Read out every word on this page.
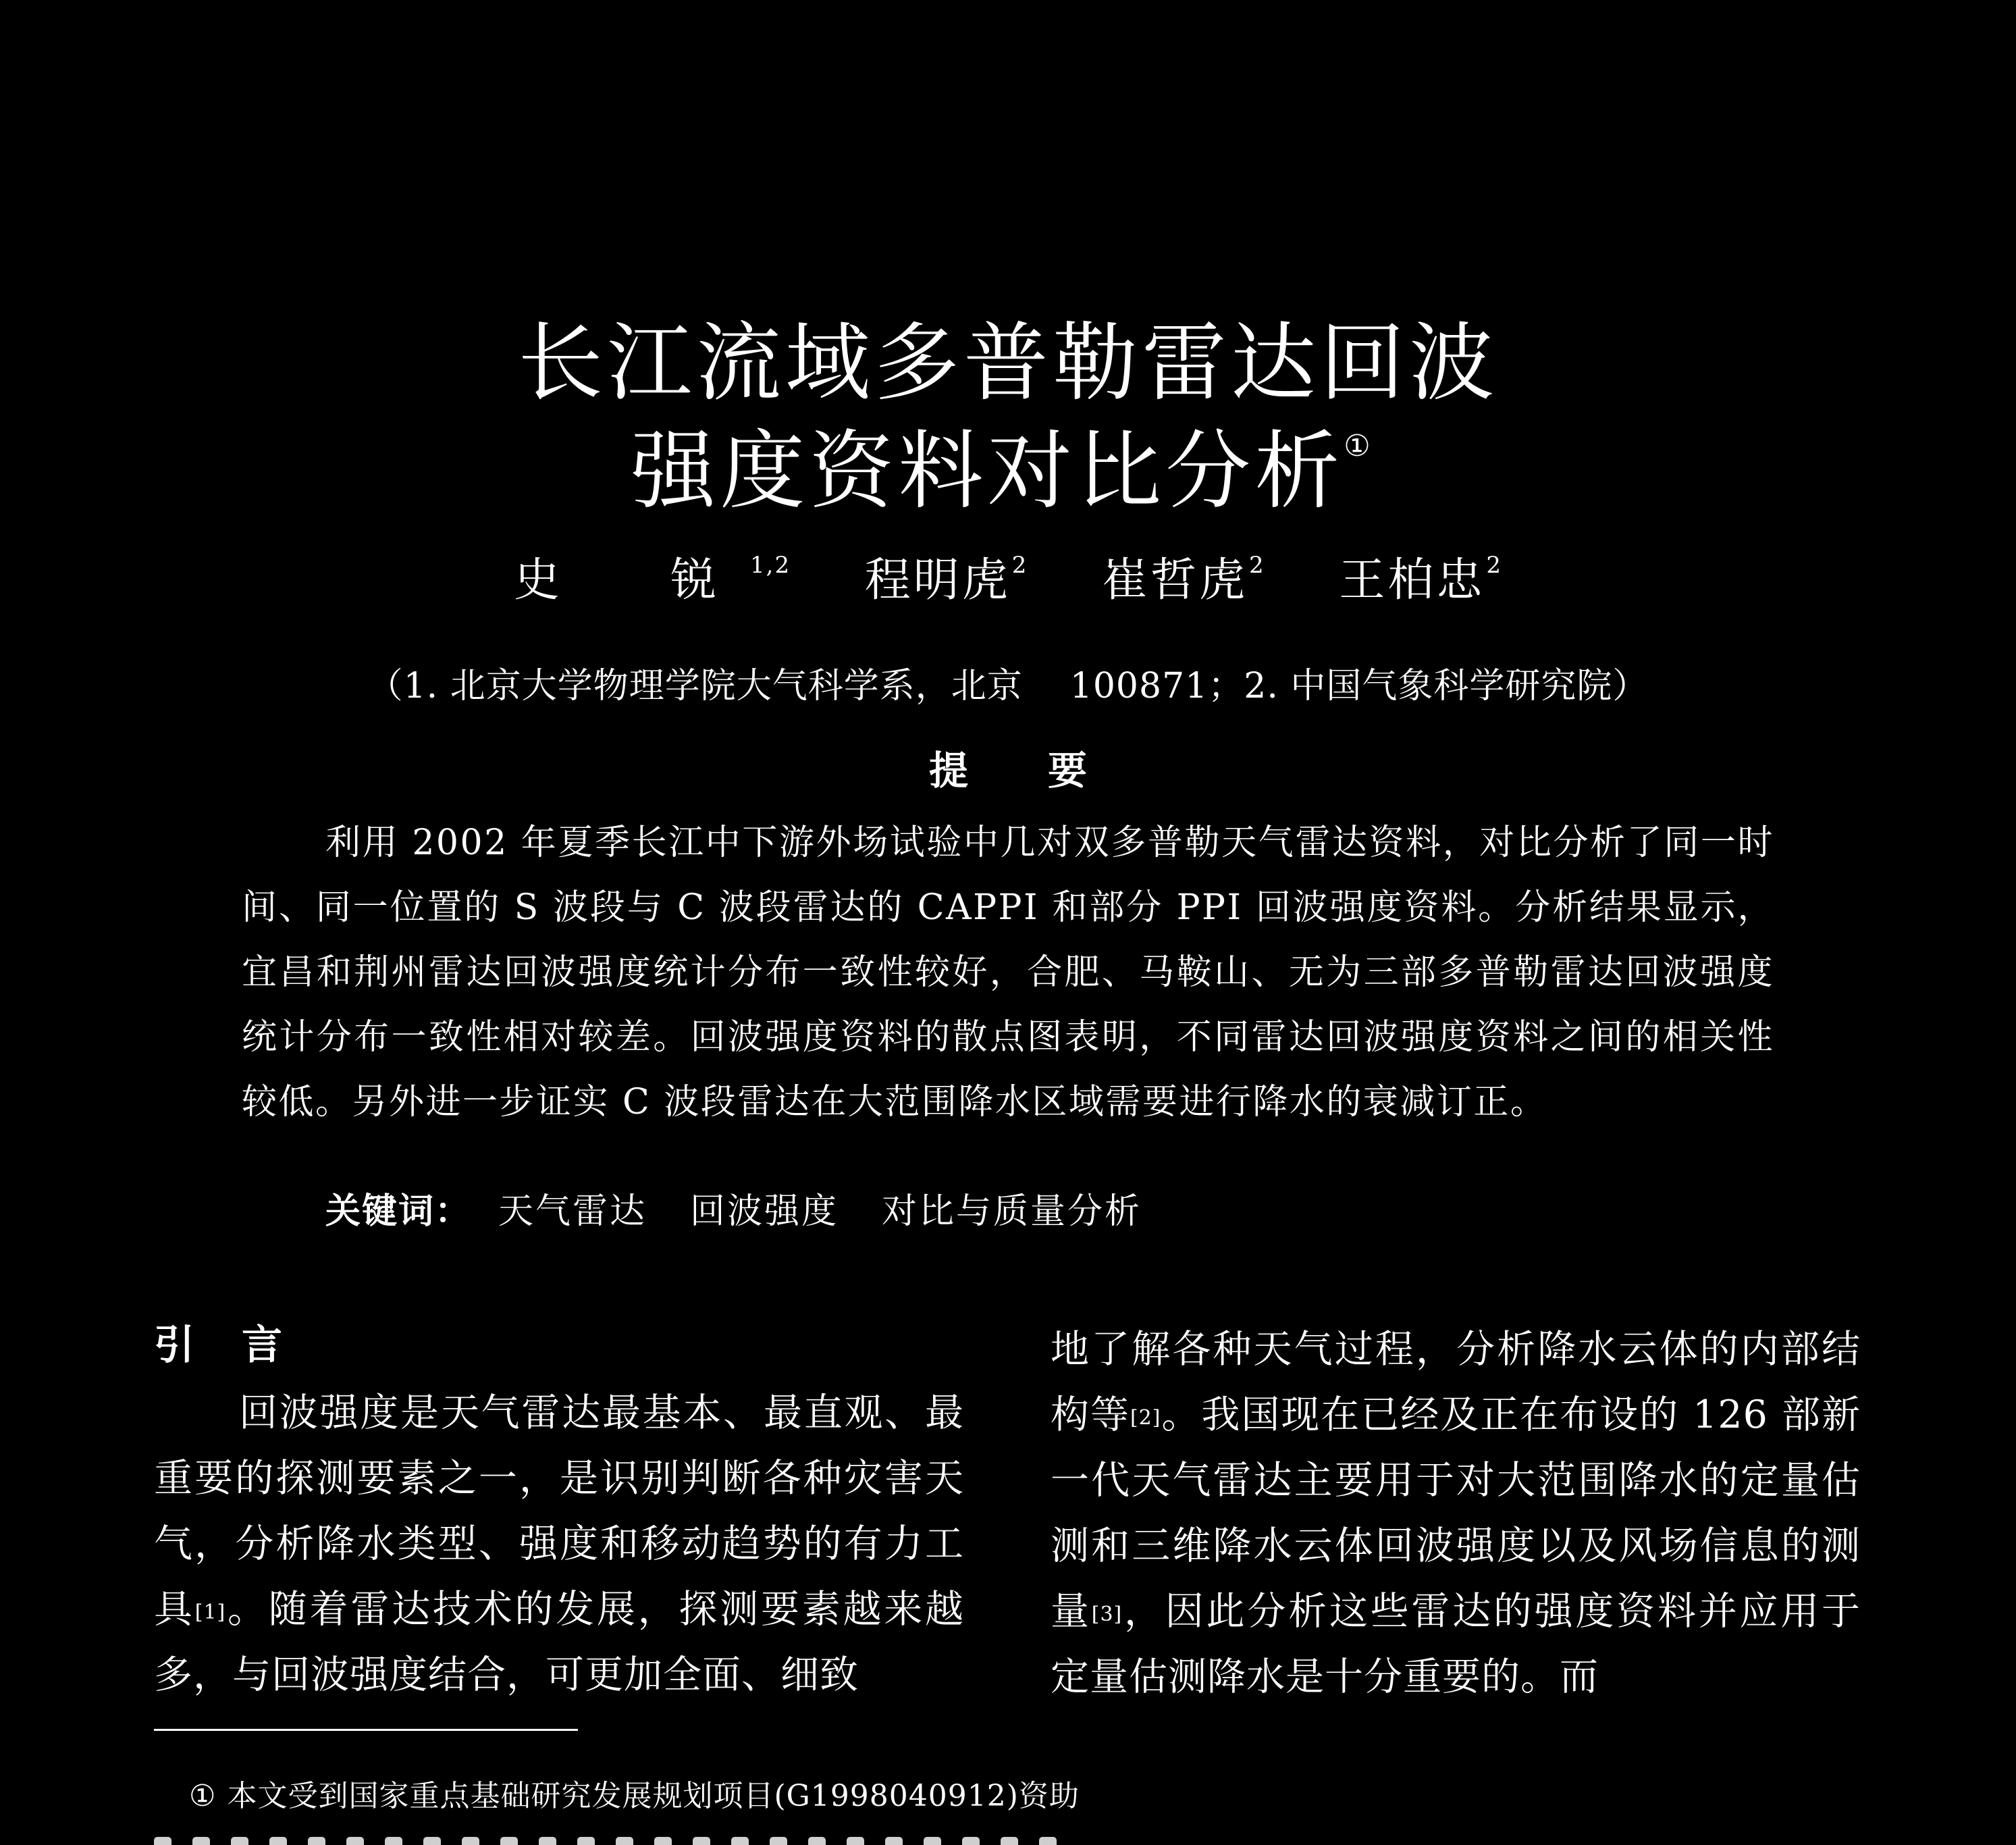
长江流域多普勒雷达回波
强度资料对比分析①
史　锐$^{1,2}$ 程明虎$^2$ 崔哲虎$^2$ 王柏忠$^2$
（1. 北京大学物理学院大气科学系，北京 100871；2. 中国气象科学研究院）
提要
利用 2002 年夏季长江中下游外场试验中几对双多普勒天气雷达资料，对比分析了同一时间、同一位置的 S 波段与 C 波段雷达的 CAPPI 和部分 PPI 回波强度资料。分析结果显示，宜昌和荆州雷达回波强度统计分布一致性较好，合肥、马鞍山、无为三部多普勒雷达回波强度统计分布一致性相对较差。回波强度资料的散点图表明，不同雷达回波强度资料之间的相关性较低。另外进一步证实 C 波段雷达在大范围降水区域需要进行降水的衰减订正。
关键词： 天气雷达 回波强度 对比与质量分析
引言
回波强度是天气雷达最基本、最直观、最重要的探测要素之一，是识别判断各种灾害天气，分析降水类型、强度和移动趋势的有力工具[1]。随着雷达技术的发展，探测要素越来越多，与回波强度结合，可更加全面、细致
地了解各种天气过程，分析降水云体的内部结构等[2]。我国现在已经及正在布设的 126 部新一代天气雷达主要用于对大范围降水的定量估测和三维降水云体回波强度以及风场信息的测量[3]，因此分析这些雷达的强度资料并应用于定量估测降水是十分重要的。而
① 本文受到国家重点基础研究发展规划项目(G1998040912)资助
